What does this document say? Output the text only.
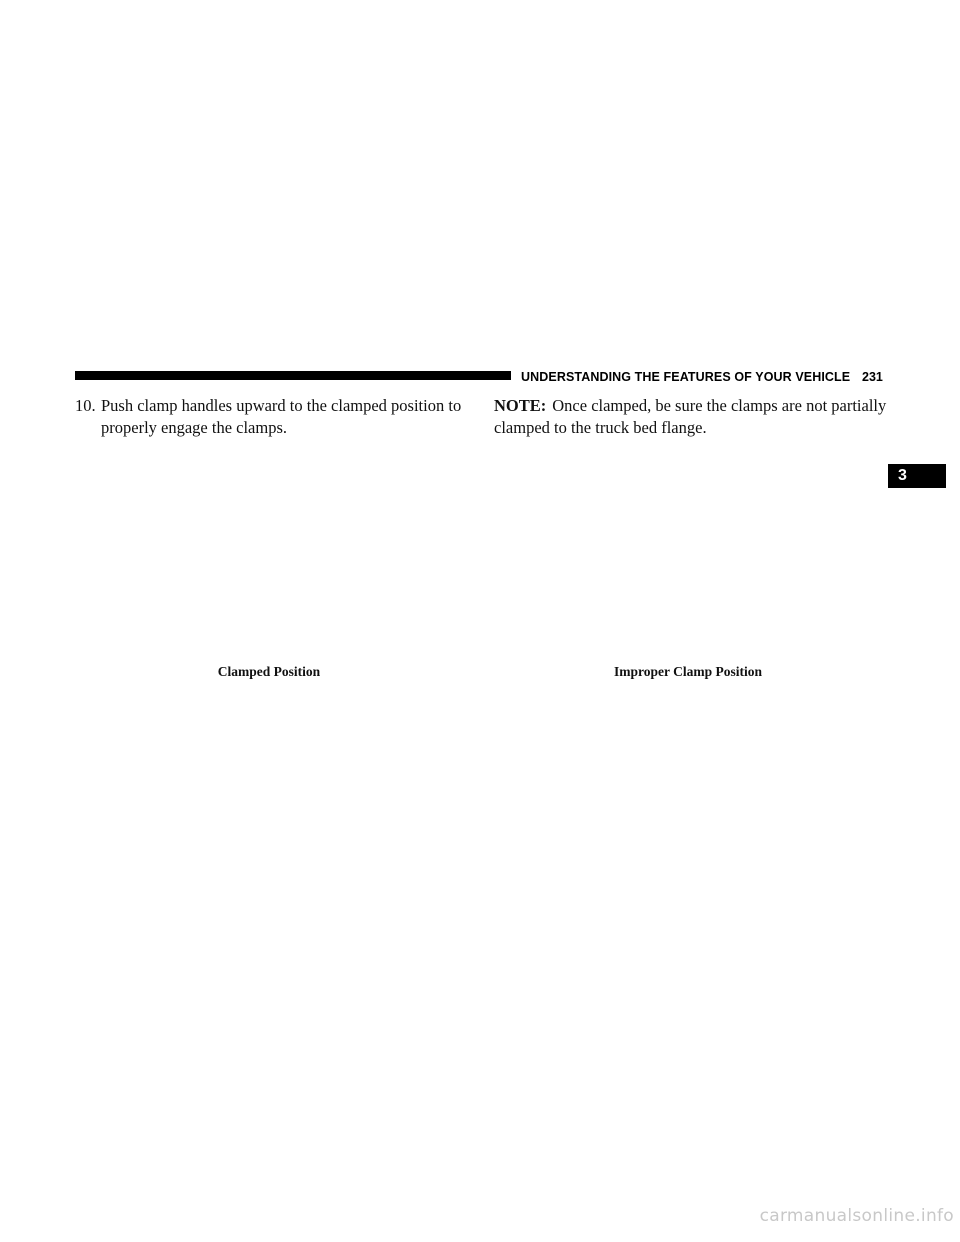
UNDERSTANDING THE FEATURES OF YOUR VEHICLE 231
10. Push clamp handles upward to the clamped position to
properly engage the clamps.
NOTE: Once clamped, be sure the clamps are not partially clamped to the truck bed flange.
Clamped Position	Improper Clamp Position
3
carmanualsonline.info
